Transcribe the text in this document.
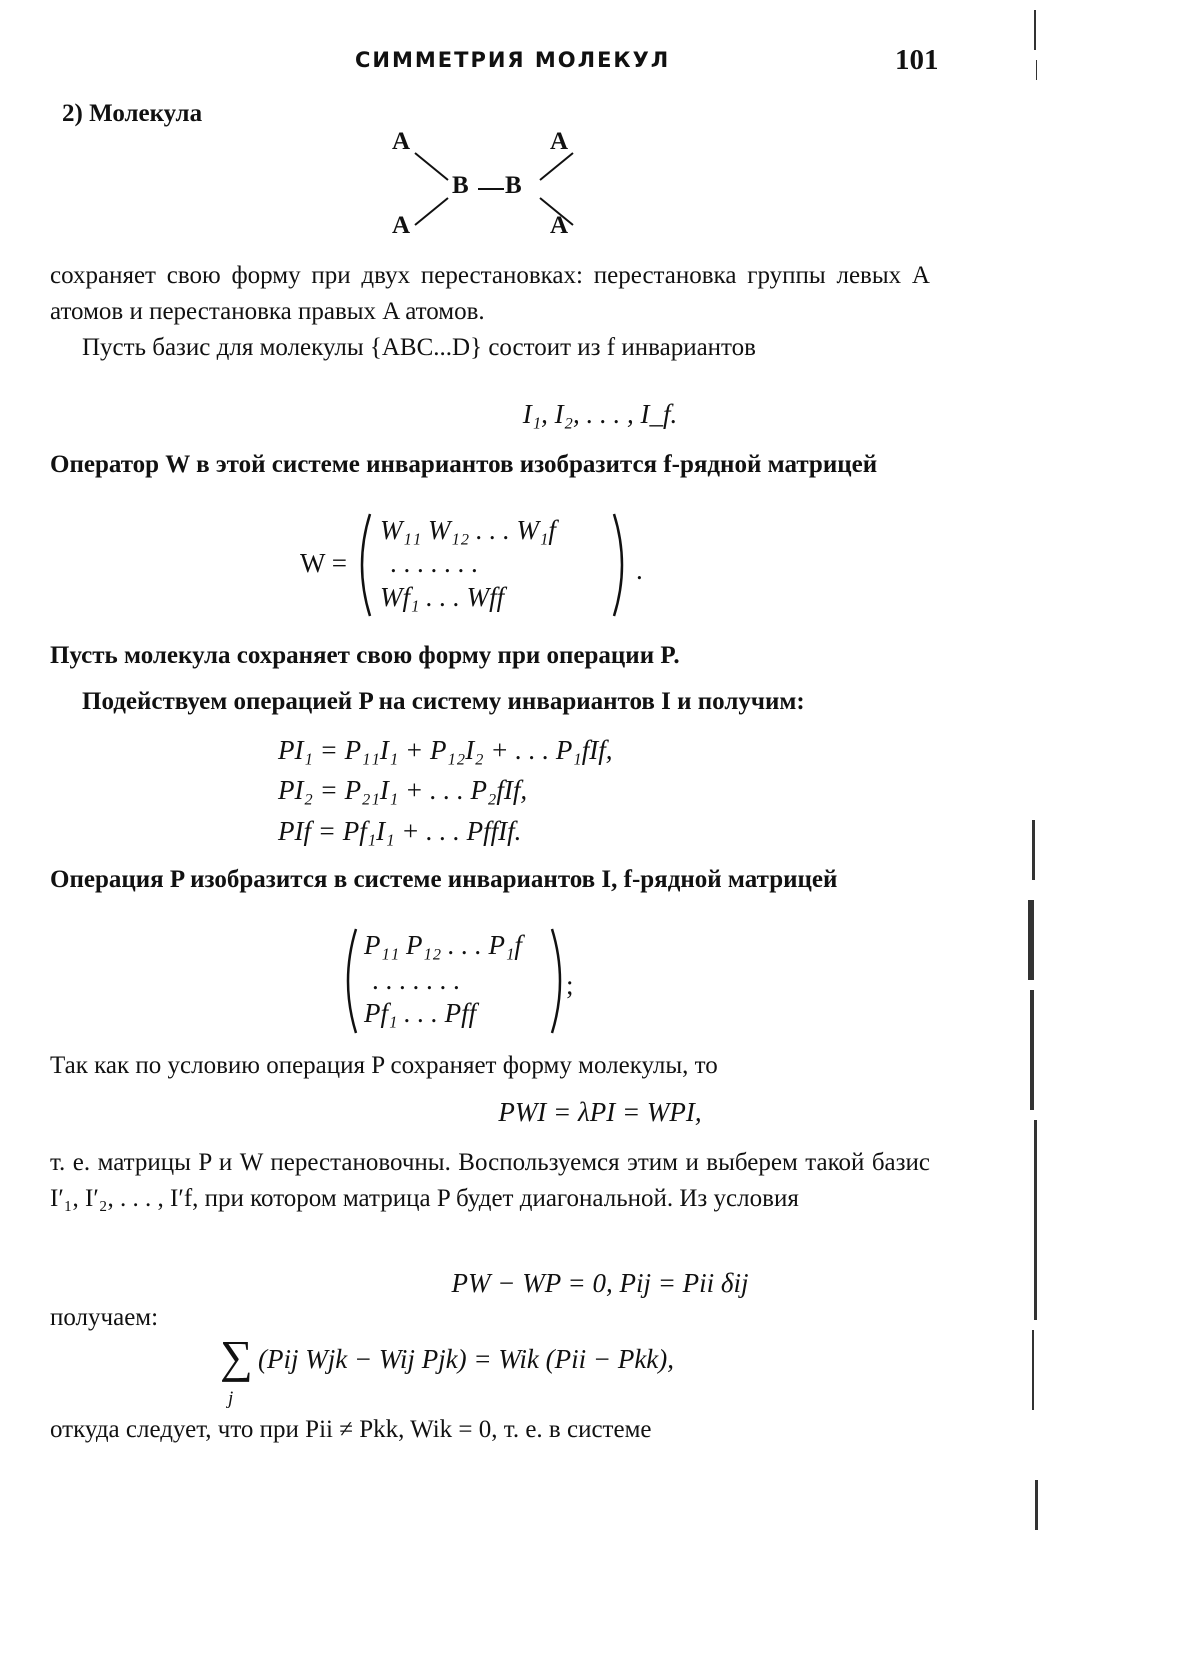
СИММЕТРИЯ МОЛЕКУЛ	101
2) Молекула
A	A
A	A
B B
сохраняет свою форму при двух перестановках: перестановка группы левых A атомов и перестановка правых A атомов.
Пусть базис для молекулы {ABC...D} состоит из f инвариантов
I₁, I₂, . . . , I_f.
Оператор W в этой системе инвариантов изобразится f-рядной матрицей
W =
W₁₁ W₁₂ . . . W₁f
. . . . . . .
Wf₁ . . . Wff
.
Пусть молекула сохраняет свою форму при операции P.
Подействуем операцией P на систему инвариантов I и получим:
PI₁ = P₁₁I₁ + P₁₂I₂ + . . . P₁fIf,
PI₂ = P₂₁I₁ + . . . P₂fIf,
PIf = Pf₁I₁ + . . . PffIf.
Операция P изобразится в системе инвариантов I, f-рядной матрицей
P₁₁ P₁₂ . . . P₁f
. . . . . . .
Pf₁ . . . Pff
;
Так как по условию операция P сохраняет форму молекулы, то
PWI = λPI = WPI,
т. е. матрицы P и W перестановочны. Воспользуемся этим и выберем такой базис I′₁, I′₂, . . . , I′f, при котором матрица P будет диагональной. Из условия
PW − WP = 0, Pij = Pii δij
получаем:
∑
j
(Pij Wjk − Wij Pjk) = Wik (Pii − Pkk),
откуда следует, что при Pii ≠ Pkk, Wik = 0, т. е. в системе
